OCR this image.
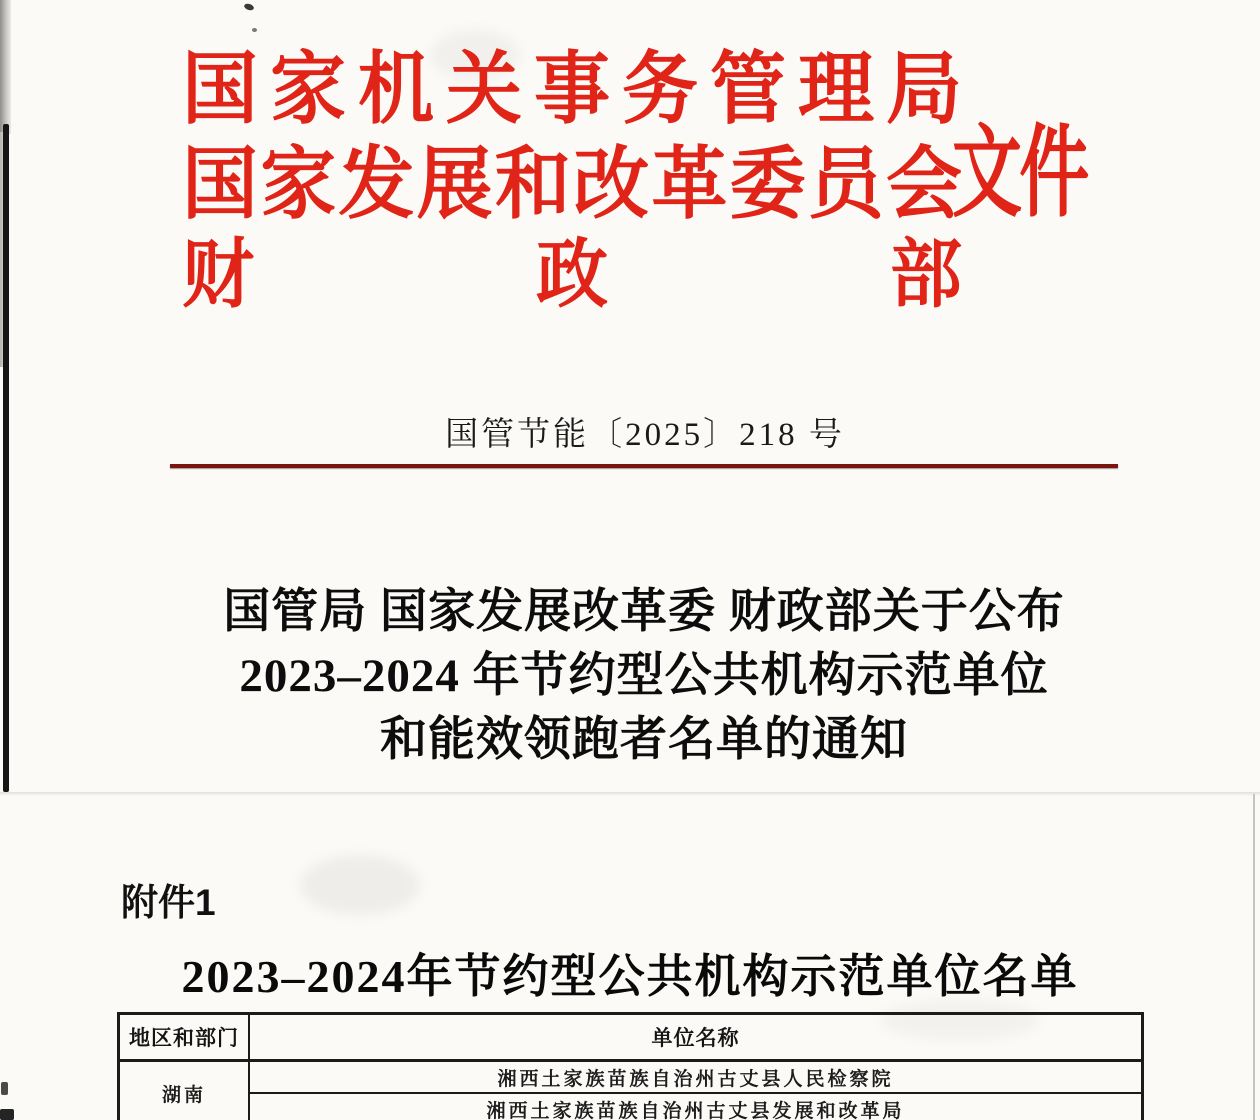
国 家 机 关 事 务 管 理 局
国 家 发 展 和 改 革 委 员 会
财	政	部
文件
国管节能〔2025〕218 号
国管局 国家发展改革委 财政部关于公布
2023–2024 年节约型公共机构示范单位
和能效领跑者名单的通知
附件1
2023–2024年节约型公共机构示范单位名单
地区和部门	单位名称
湖南	湘西土家族苗族自治州古丈县人民检察院
	湘西土家族苗族自治州古丈县发展和改革局
